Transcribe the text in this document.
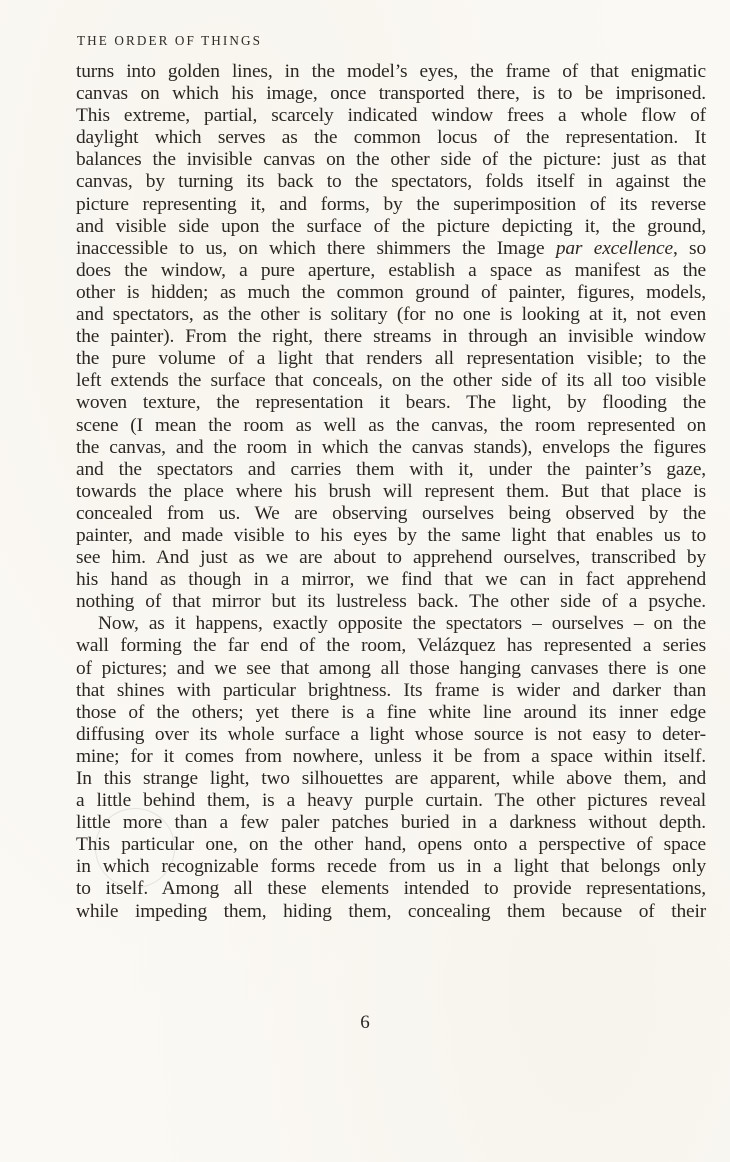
THE ORDER OF THINGS
turns into golden lines, in the model’s eyes, the frame of that enigmatic
canvas on which his image, once transported there, is to be imprisoned.
This extreme, partial, scarcely indicated window frees a whole flow of
daylight which serves as the common locus of the representation. It
balances the invisible canvas on the other side of the picture: just as that
canvas, by turning its back to the spectators, folds itself in against the
picture representing it, and forms, by the superimposition of its reverse
and visible side upon the surface of the picture depicting it, the ground,
inaccessible to us, on which there shimmers the Image par excellence, so
does the window, a pure aperture, establish a space as manifest as the
other is hidden; as much the common ground of painter, figures, models,
and spectators, as the other is solitary (for no one is looking at it, not even
the painter). From the right, there streams in through an invisible window
the pure volume of a light that renders all representation visible; to the
left extends the surface that conceals, on the other side of its all too visible
woven texture, the representation it bears. The light, by flooding the
scene (I mean the room as well as the canvas, the room represented on
the canvas, and the room in which the canvas stands), envelops the figures
and the spectators and carries them with it, under the painter’s gaze,
towards the place where his brush will represent them. But that place is
concealed from us. We are observing ourselves being observed by the
painter, and made visible to his eyes by the same light that enables us to
see him. And just as we are about to apprehend ourselves, transcribed by
his hand as though in a mirror, we find that we can in fact apprehend
nothing of that mirror but its lustreless back. The other side of a psyche.
Now, as it happens, exactly opposite the spectators – ourselves – on the
wall forming the far end of the room, Velázquez has represented a series
of pictures; and we see that among all those hanging canvases there is one
that shines with particular brightness. Its frame is wider and darker than
those of the others; yet there is a fine white line around its inner edge
diffusing over its whole surface a light whose source is not easy to deter-
mine; for it comes from nowhere, unless it be from a space within itself.
In this strange light, two silhouettes are apparent, while above them, and
a little behind them, is a heavy purple curtain. The other pictures reveal
little more than a few paler patches buried in a darkness without depth.
This particular one, on the other hand, opens onto a perspective of space
in which recognizable forms recede from us in a light that belongs only
to itself. Among all these elements intended to provide representations,
while impeding them, hiding them, concealing them because of their
6
